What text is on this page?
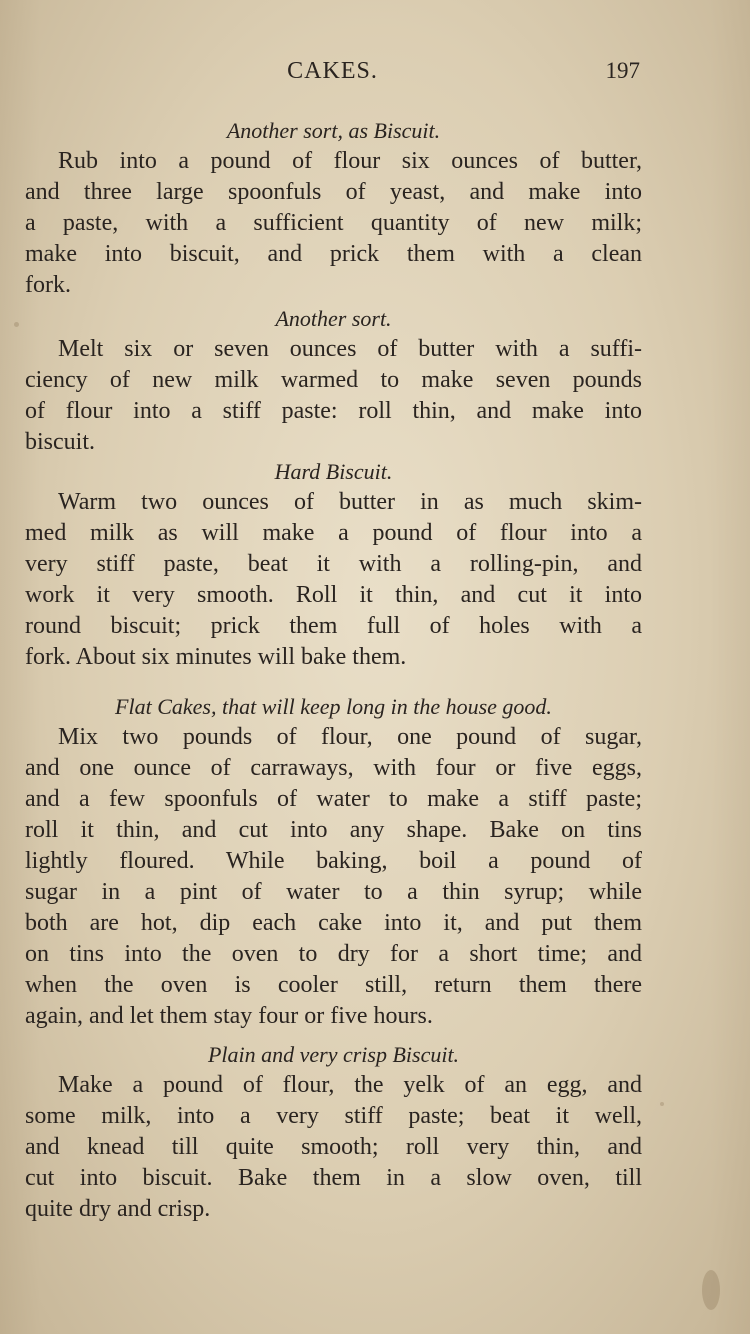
CAKES.	197
Another sort, as Biscuit.
Rub into a pound of flour six ounces of butter,
and three large spoonfuls of yeast, and make into
a paste, with a sufficient quantity of new milk;
make into biscuit, and prick them with a clean
fork.
Another sort.
Melt six or seven ounces of butter with a suffi-
ciency of new milk warmed to make seven pounds
of flour into a stiff paste: roll thin, and make into
biscuit.
Hard Biscuit.
Warm two ounces of butter in as much skim-
med milk as will make a pound of flour into a
very stiff paste, beat it with a rolling-pin, and
work it very smooth. Roll it thin, and cut it into
round biscuit; prick them full of holes with a
fork. About six minutes will bake them.
Flat Cakes, that will keep long in the house good.
Mix two pounds of flour, one pound of sugar,
and one ounce of carraways, with four or five eggs,
and a few spoonfuls of water to make a stiff paste;
roll it thin, and cut into any shape. Bake on tins
lightly floured. While baking, boil a pound of
sugar in a pint of water to a thin syrup; while
both are hot, dip each cake into it, and put them
on tins into the oven to dry for a short time; and
when the oven is cooler still, return them there
again, and let them stay four or five hours.
Plain and very crisp Biscuit.
Make a pound of flour, the yelk of an egg, and
some milk, into a very stiff paste; beat it well,
and knead till quite smooth; roll very thin, and
cut into biscuit. Bake them in a slow oven, till
quite dry and crisp.
